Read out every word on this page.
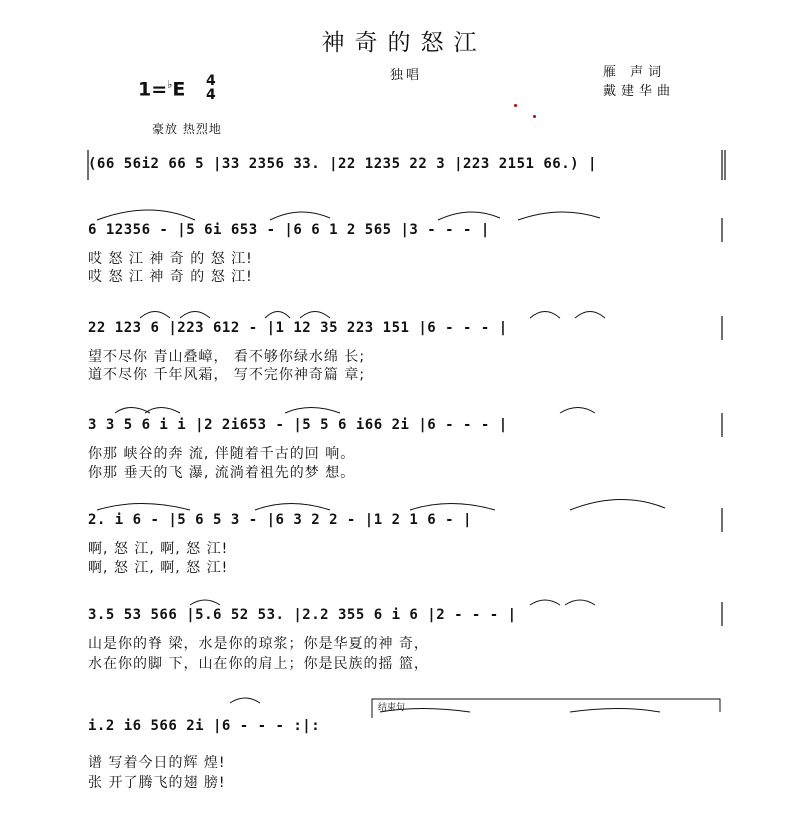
神奇的怒江
独唱	雁 声词
戴建华曲
1=♭E 4
4
豪放 热烈地
结束句
(66 56i2 66 5 |33 2356 33. |22 1235 22 3 |223 2151 66.) |
6 12356 - |5 6i 653 - |6 6 1 2 565 |3 - - - |
哎 怒 江 神 奇 的 怒 江!
哎 怒 江 神 奇 的 怒 江!
22 123 6 |223 612 - |1 12 35 223 151 |6 - - - |
望不尽你 青山叠嶂， 看不够你绿水绵 长;
道不尽你 千年风霜， 写不完你神奇篇 章;
3 3 5 6 i i |2 2i653 - |5 5 6 i66 2i |6 - - - |
你那 峡谷的奔 流, 伴随着千古的回 响。
你那 垂天的飞 瀑, 流淌着祖先的梦 想。
2. i 6 - |5 6 5 3 - |6 3 2 2 - |1 2 1 6 - |
啊, 怒 江, 啊, 怒 江!
啊, 怒 江, 啊, 怒 江!
3.5 53 566 |5.6 52 53. |2.2 355 6 i 6 |2 - - - |
山是你的脊 梁，水是你的琼浆；你是华夏的神 奇，
水在你的脚 下，山在你的肩上；你是民族的摇 篮，
i.2 i6 566 2i |6 - - - :|:
谱 写着今日的辉 煌!
张 开了腾飞的翅 膀!
